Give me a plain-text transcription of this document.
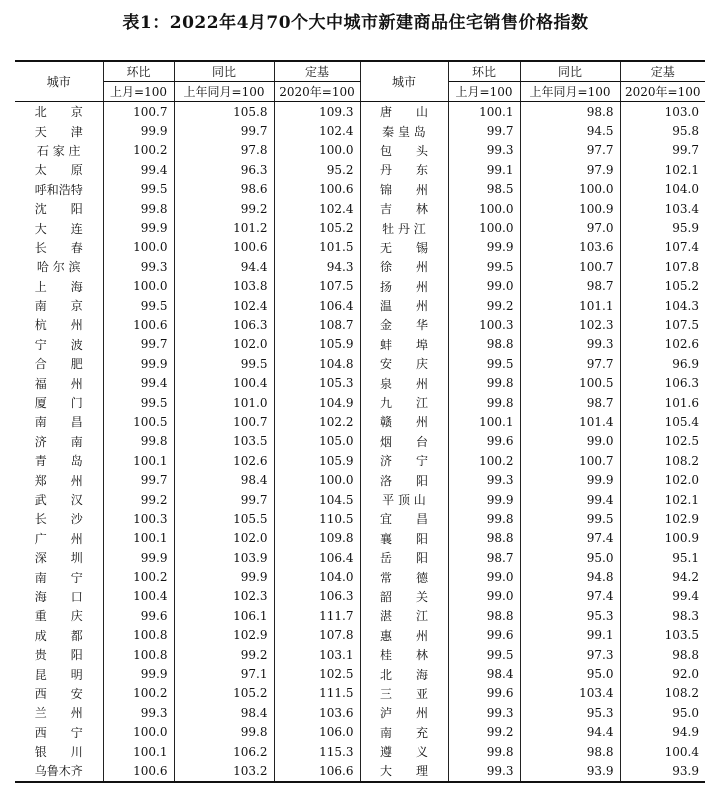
表1：2022年4月70个大中城市新建商品住宅销售价格指数
城市	环比	同比	定基	城市	环比	同比	定基
	上月=100	上年同月=100	2020年=100		上月=100	上年同月=100	2020年=100
北　　京	100.7	105.8	109.3	唐　　山	100.1	98.8	103.0
天　　津	99.9	99.7	102.4	秦 皇 岛	99.7	94.5	95.8
石 家 庄	100.2	97.8	100.0	包　　头	99.3	97.7	99.7
太　　原	99.4	96.3	95.2	丹　　东	99.1	97.9	102.1
呼和浩特	99.5	98.6	100.6	锦　　州	98.5	100.0	104.0
沈　　阳	99.8	99.2	102.4	吉　　林	100.0	100.9	103.4
大　　连	99.9	101.2	105.2	牡 丹 江	100.0	97.0	95.9
长　　春	100.0	100.6	101.5	无　　锡	99.9	103.6	107.4
哈 尔 滨	99.3	94.4	94.3	徐　　州	99.5	100.7	107.8
上　　海	100.0	103.8	107.5	扬　　州	99.0	98.7	105.2
南　　京	99.5	102.4	106.4	温　　州	99.2	101.1	104.3
杭　　州	100.6	106.3	108.7	金　　华	100.3	102.3	107.5
宁　　波	99.7	102.0	105.9	蚌　　埠	98.8	99.3	102.6
合　　肥	99.9	99.5	104.8	安　　庆	99.5	97.7	96.9
福　　州	99.4	100.4	105.3	泉　　州	99.8	100.5	106.3
厦　　门	99.5	101.0	104.9	九　　江	99.8	98.7	101.6
南　　昌	100.5	100.7	102.2	赣　　州	100.1	101.4	105.4
济　　南	99.8	103.5	105.0	烟　　台	99.6	99.0	102.5
青　　岛	100.1	102.6	105.9	济　　宁	100.2	100.7	108.2
郑　　州	99.7	98.4	100.0	洛　　阳	99.3	99.9	102.0
武　　汉	99.2	99.7	104.5	平 顶 山	99.9	99.4	102.1
长　　沙	100.3	105.5	110.5	宜　　昌	99.8	99.5	102.9
广　　州	100.1	102.0	109.8	襄　　阳	98.8	97.4	100.9
深　　圳	99.9	103.9	106.4	岳　　阳	98.7	95.0	95.1
南　　宁	100.2	99.9	104.0	常　　德	99.0	94.8	94.2
海　　口	100.4	102.3	106.3	韶　　关	99.0	97.4	99.4
重　　庆	99.6	106.1	111.7	湛　　江	98.8	95.3	98.3
成　　都	100.8	102.9	107.8	惠　　州	99.6	99.1	103.5
贵　　阳	100.8	99.2	103.1	桂　　林	99.5	97.3	98.8
昆　　明	99.9	97.1	102.5	北　　海	98.4	95.0	92.0
西　　安	100.2	105.2	111.5	三　　亚	99.6	103.4	108.2
兰　　州	99.3	98.4	103.6	泸　　州	99.3	95.3	95.0
西　　宁	100.0	99.8	106.0	南　　充	99.2	94.4	94.9
银　　川	100.1	106.2	115.3	遵　　义	99.8	98.8	100.4
乌鲁木齐	100.6	103.2	106.6	大　　理	99.3	93.9	93.9
